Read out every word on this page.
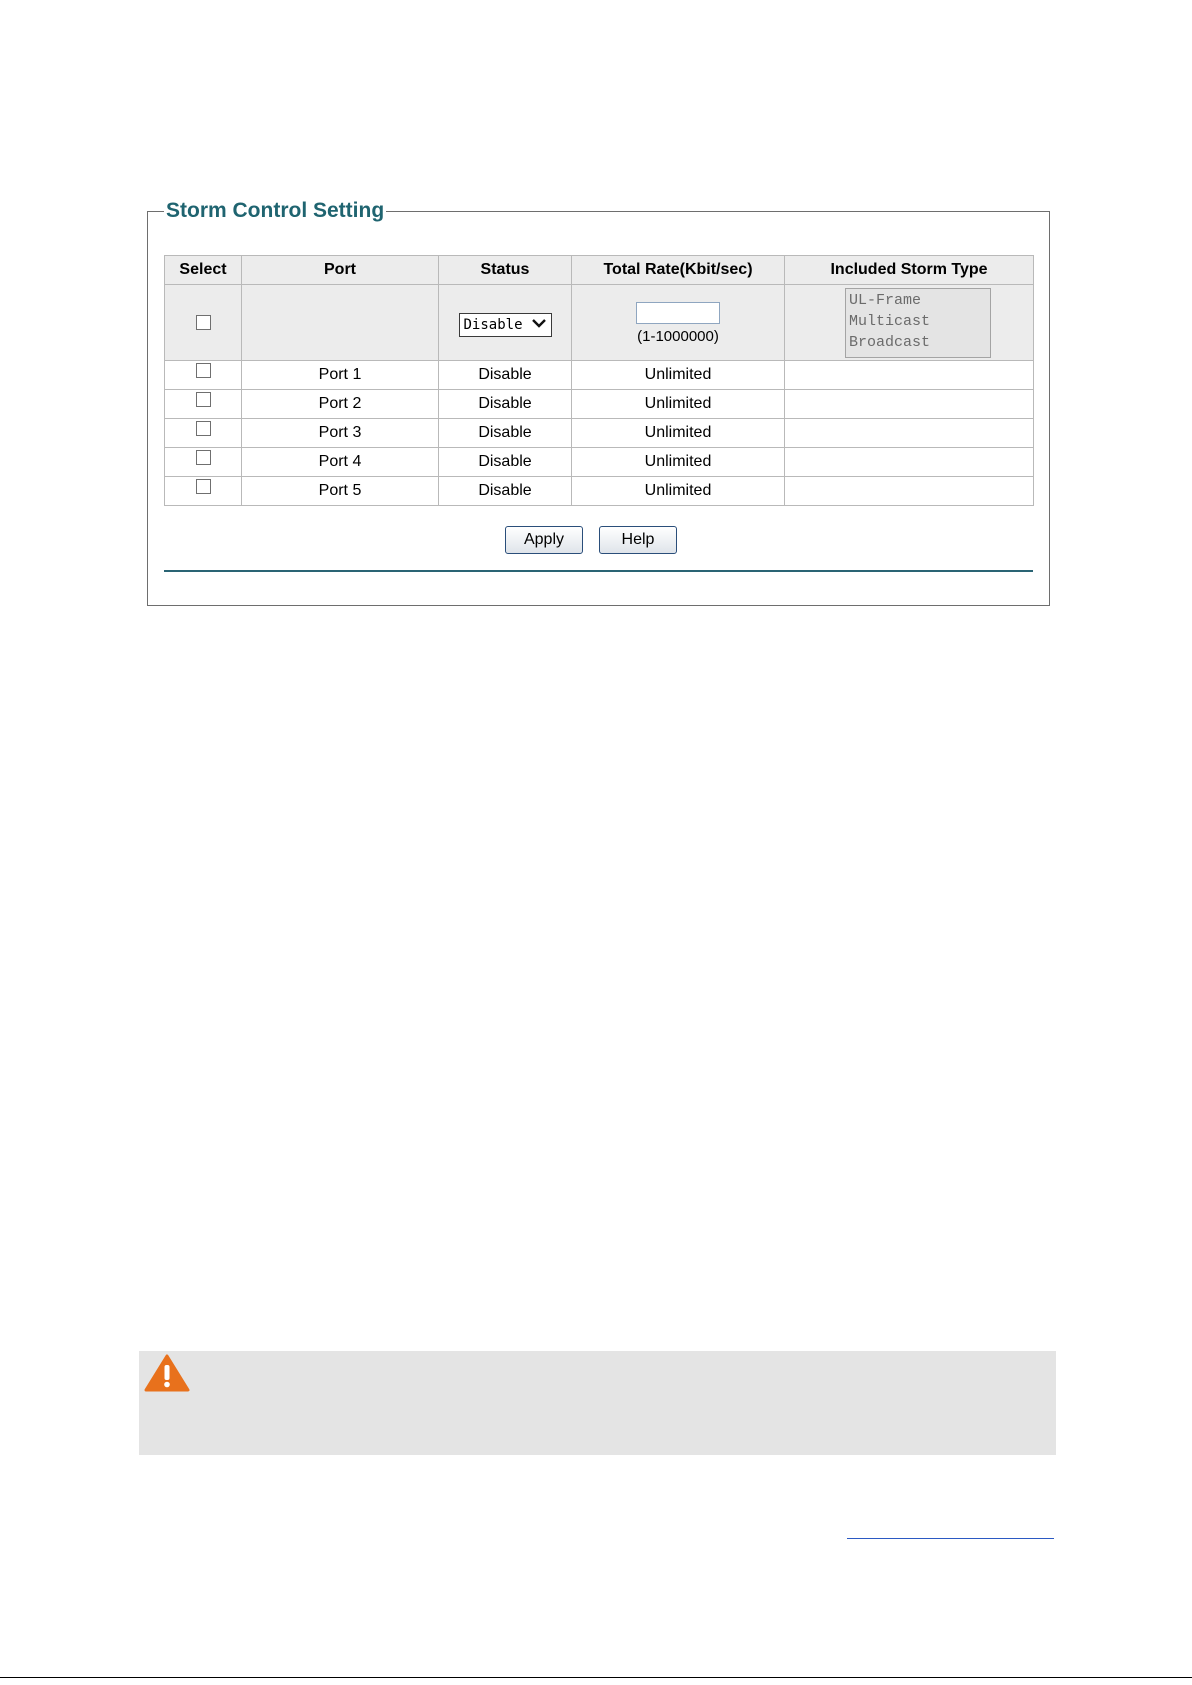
Storm Control Setting
Select	Port	Status	Total Rate(Kbit/sec)	Included Storm Type

		Disable	(1-1000000)	UL-Frame
Multicast
Broadcast

	Port 1	Disable	Unlimited	
	Port 2	Disable	Unlimited	
	Port 3	Disable	Unlimited	
	Port 4	Disable	Unlimited	
	Port 5	Disable	Unlimited	
Apply	Help
